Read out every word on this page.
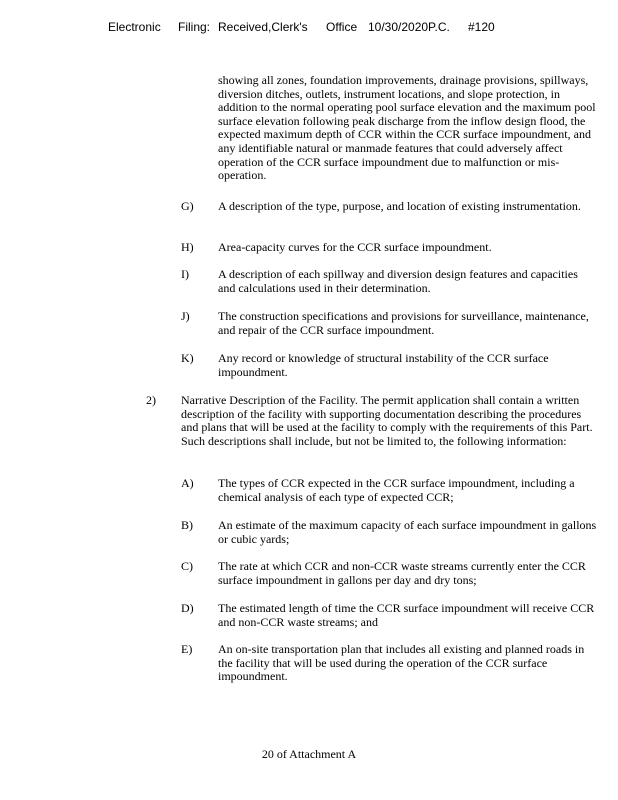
Electronic Filing: Received,Clerk's Office 10/30/2020P.C. #120
showing all zones, foundation improvements, drainage provisions, spillways, diversion ditches, outlets, instrument locations, and slope protection, in addition to the normal operating pool surface elevation and the maximum pool surface elevation following peak discharge from the inflow design flood, the expected maximum depth of CCR within the CCR surface impoundment, and any identifiable natural or manmade features that could adversely affect operation of the CCR surface impoundment due to malfunction or mis-operation.
G) A description of the type, purpose, and location of existing instrumentation.
H) Area-capacity curves for the CCR surface impoundment.
I) A description of each spillway and diversion design features and capacities and calculations used in their determination.
J) The construction specifications and provisions for surveillance, maintenance, and repair of the CCR surface impoundment.
K) Any record or knowledge of structural instability of the CCR surface impoundment.
2) Narrative Description of the Facility. The permit application shall contain a written description of the facility with supporting documentation describing the procedures and plans that will be used at the facility to comply with the requirements of this Part. Such descriptions shall include, but not be limited to, the following information:
A) The types of CCR expected in the CCR surface impoundment, including a chemical analysis of each type of expected CCR;
B) An estimate of the maximum capacity of each surface impoundment in gallons or cubic yards;
C) The rate at which CCR and non-CCR waste streams currently enter the CCR surface impoundment in gallons per day and dry tons;
D) The estimated length of time the CCR surface impoundment will receive CCR and non-CCR waste streams; and
E) An on-site transportation plan that includes all existing and planned roads in the facility that will be used during the operation of the CCR surface impoundment.
20 of Attachment A
